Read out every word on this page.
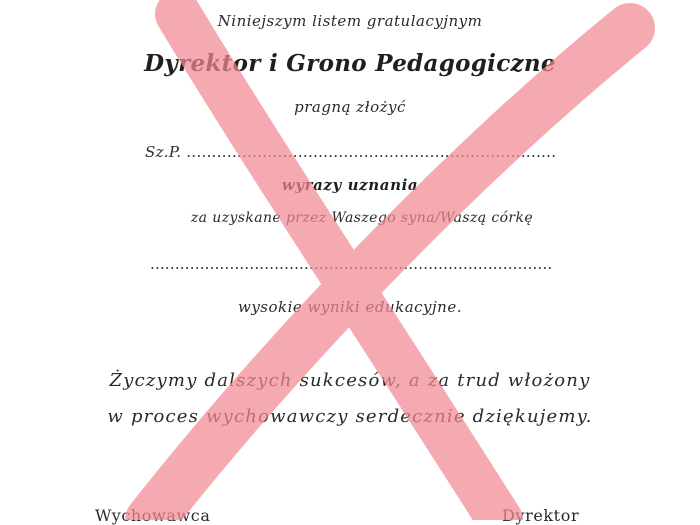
Niniejszym listem gratulacyjnym
Dyrektor i Grono Pedagogiczne
pragną złożyć
Sz.P. .........................................................................
wyrazy uznania
za uzyskane przez Waszego syna/Waszą córkę
.................................................................................
wysokie wyniki edukacyjne.
Życzymy dalszych sukcesów, a za trud włożony
w proces wychowawczy serdecznie dziękujemy.
Wychowawca	Dyrektor
